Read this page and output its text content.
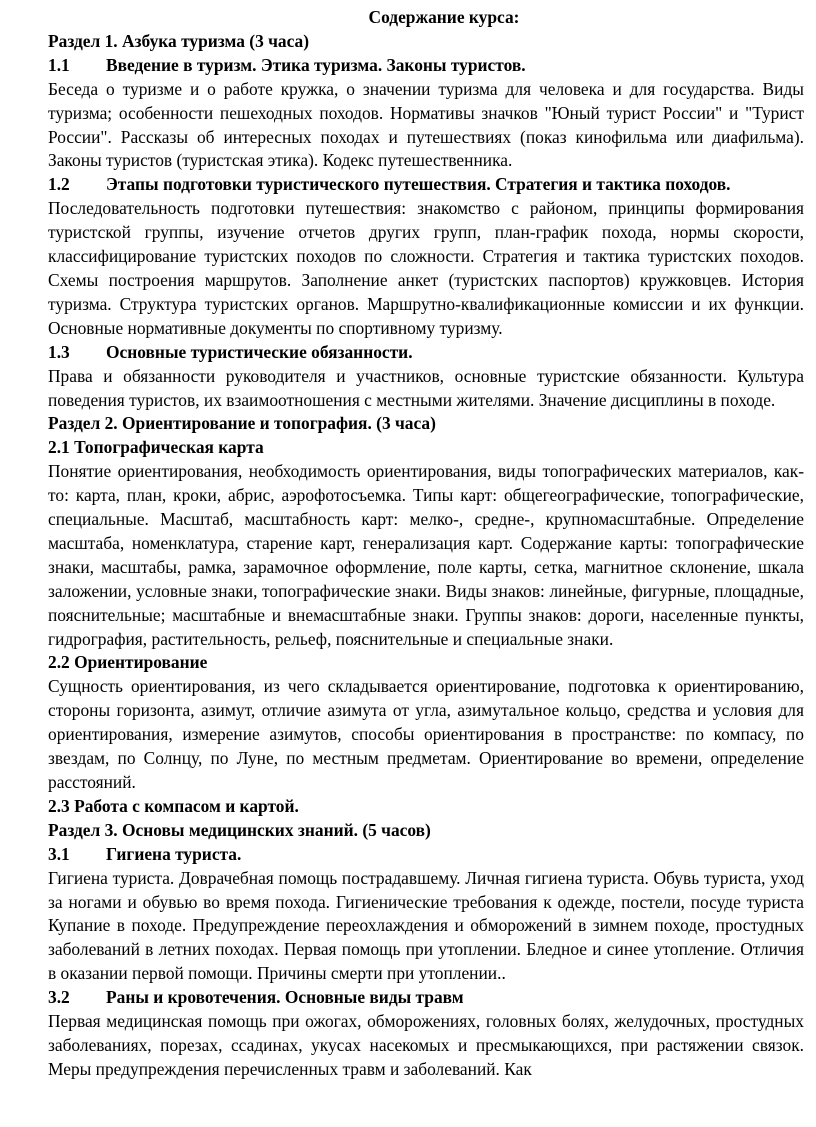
Содержание курса:
Раздел 1. Азбука туризма (3 часа)
1.1 Введение в туризм. Этика туризма. Законы туристов.
Беседа о туризме и о работе кружка, о значении туризма для человека и для государства. Виды туризма; особенности пешеходных походов. Нормативы значков "Юный турист России" и "Турист России". Рассказы об интересных походах и путешествиях (показ кинофильма или диафильма). Законы туристов (туристская этика). Кодекс путешественника.
1.2 Этапы подготовки туристического путешествия. Стратегия и тактика походов.
Последовательность подготовки путешествия: знакомство с районом, принципы формирования туристской группы, изучение отчетов других групп, план-график похода, нормы скорости, классифицирование туристских походов по сложности. Стратегия и тактика туристских походов. Схемы построения маршрутов. Заполнение анкет (туристских паспортов) кружковцев. История туризма. Структура туристских органов. Маршрутно-квалификационные комиссии и их функции. Основные нормативные документы по спортивному туризму.
1.3 Основные туристические обязанности.
Права и обязанности руководителя и участников, основные туристские обязанности. Культура поведения туристов, их взаимоотношения с местными жителями. Значение дисциплины в походе.
Раздел 2. Ориентирование и топография. (3 часа)
2.1 Топографическая карта
Понятие ориентирования, необходимость ориентирования, виды топографических материалов, как-то: карта, план, кроки, абрис, аэрофотосъемка. Типы карт: общегеографические, топографические, специальные. Масштаб, масштабность карт: мелко-, средне-, крупномасштабные. Определение масштаба, номенклатура, старение карт, генерализация карт. Содержание карты: топографические знаки, масштабы, рамка, зарамочное оформление, поле карты, сетка, магнитное склонение, шкала заложении, условные знаки, топографические знаки. Виды знаков: линейные, фигурные, площадные, пояснительные; масштабные и внемасштабные знаки. Группы знаков: дороги, населенные пункты, гидрография, растительность, рельеф, пояснительные и специальные знаки.
2.2 Ориентирование
Сущность ориентирования, из чего складывается ориентирование, подготовка к ориентированию, стороны горизонта, азимут, отличие азимута от угла, азимутальное кольцо, средства и условия для ориентирования, измерение азимутов, способы ориентирования в пространстве: по компасу, по звездам, по Солнцу, по Луне, по местным предметам. Ориентирование во времени, определение расстояний.
2.3 Работа с компасом и картой.
Раздел 3. Основы медицинских знаний. (5 часов)
3.1 Гигиена туриста.
Гигиена туриста. Доврачебная помощь пострадавшему. Личная гигиена туриста. Обувь туриста, уход за ногами и обувью во время похода. Гигиенические требования к одежде, постели, посуде туриста Купание в походе. Предупреждение переохлаждения и обморожений в зимнем походе, простудных заболеваний в летних походах. Первая помощь при утоплении. Бледное и синее утопление. Отличия в оказании первой помощи. Причины смерти при утоплении..
3.2 Раны и кровотечения. Основные виды травм
Первая медицинская помощь при ожогах, обморожениях, головных болях, желудочных, простудных заболеваниях, порезах, ссадинах, укусах насекомых и пресмыкающихся, при растяжении связок. Меры предупреждения перечисленных травм и заболеваний. Как
